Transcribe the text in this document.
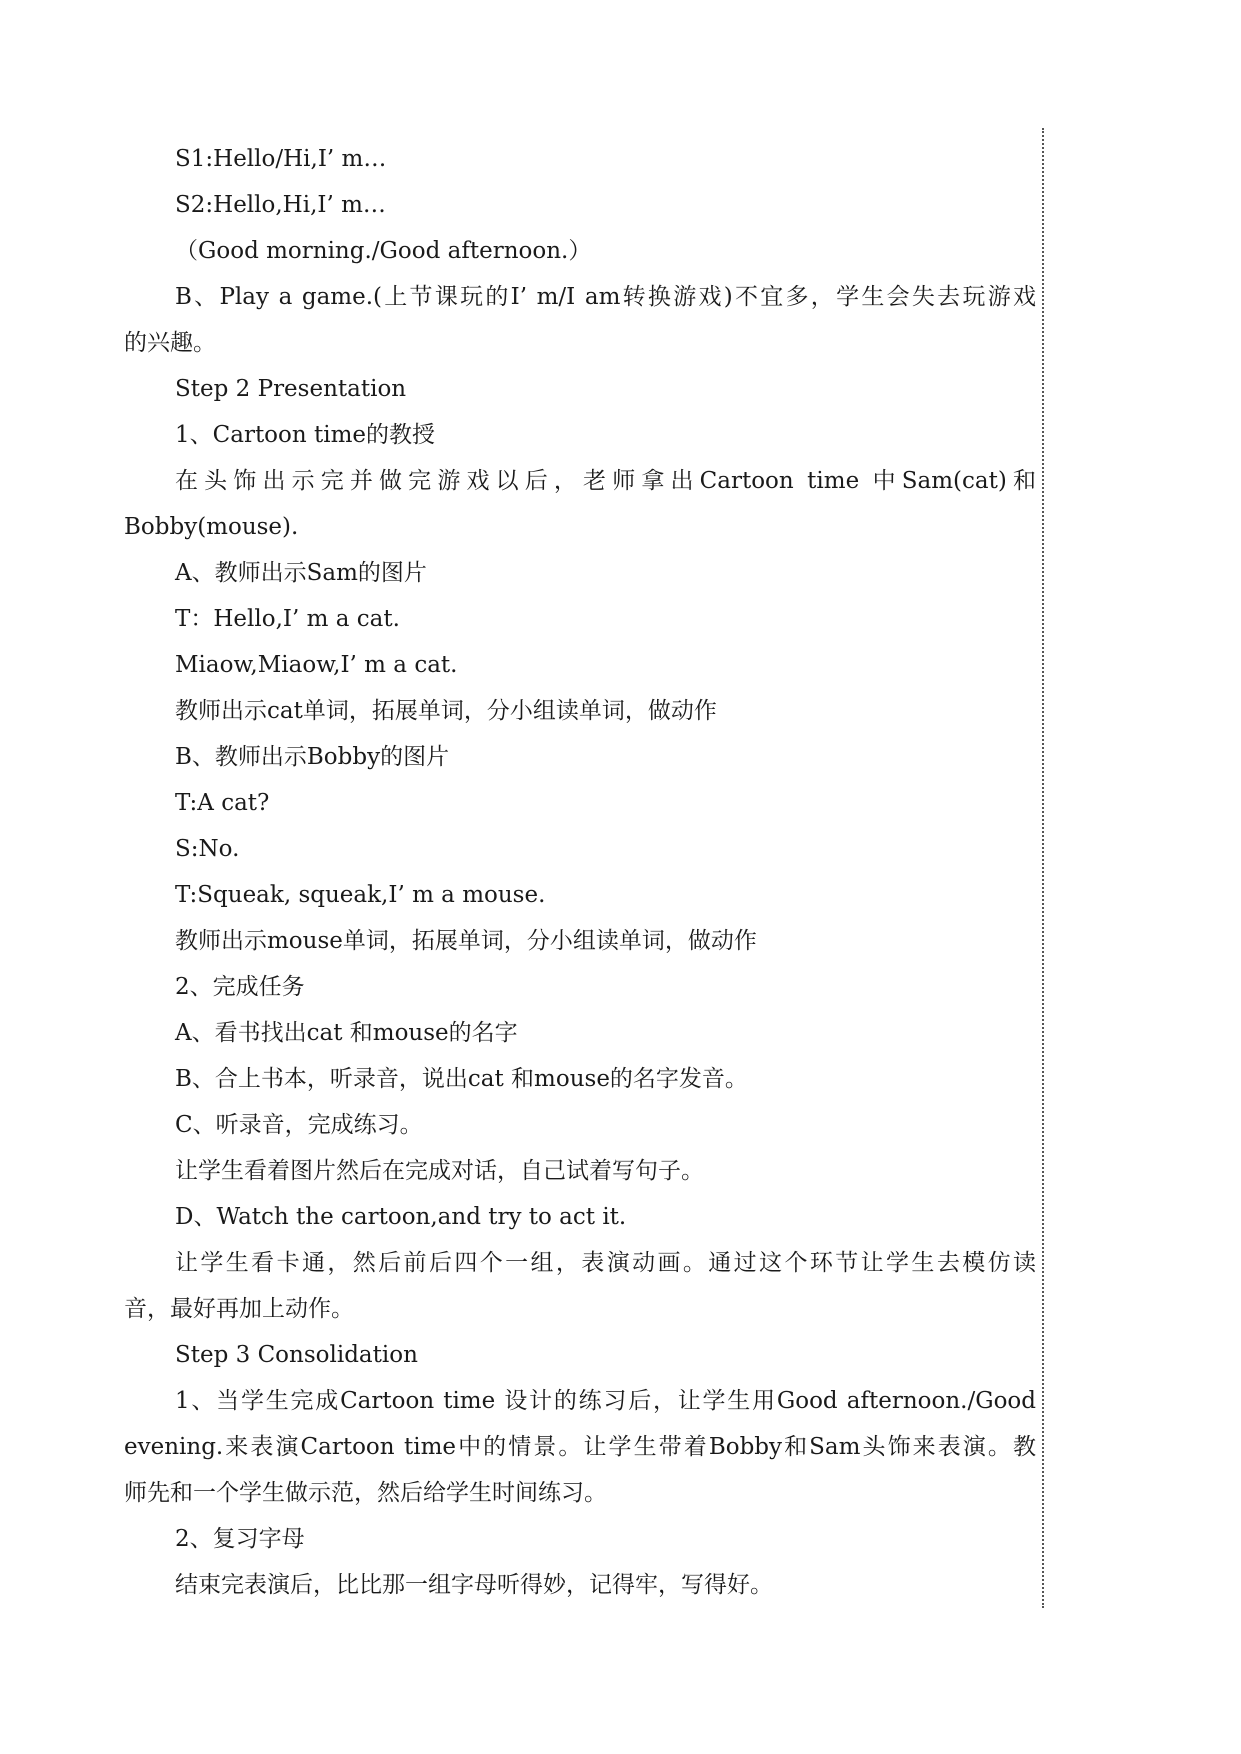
S1:Hello/Hi,I’ m…
S2:Hello,Hi,I’ m…
（Good morning./Good afternoon.）
B、Play a game.(上节课玩的I’ m/I am转换游戏)不宜多，学生会失去玩游戏
的兴趣。
Step 2 Presentation
1、Cartoon time的教授
在头饰出示完并做完游戏以后，老师拿出Cartoon time 中Sam(cat)和
Bobby(mouse).
A、教师出示Sam的图片
T：Hello,I’ m a cat.
Miaow,Miaow,I’ m a cat.
教师出示cat单词，拓展单词，分小组读单词，做动作
B、教师出示Bobby的图片
T:A cat?
S:No.
T:Squeak, squeak,I’ m a mouse.
教师出示mouse单词，拓展单词，分小组读单词，做动作
2、完成任务
A、看书找出cat 和mouse的名字
B、合上书本，听录音，说出cat 和mouse的名字发音。
C、听录音，完成练习。
让学生看着图片然后在完成对话，自己试着写句子。
D、Watch the cartoon,and try to act it.
让学生看卡通，然后前后四个一组，表演动画。通过这个环节让学生去模仿读
音，最好再加上动作。
Step 3 Consolidation
1、当学生完成Cartoon time 设计的练习后，让学生用Good afternoon./Good
evening.来表演Cartoon time中的情景。让学生带着Bobby和Sam头饰来表演。教
师先和一个学生做示范，然后给学生时间练习。
2、复习字母
结束完表演后，比比那一组字母听得妙，记得牢，写得好。
